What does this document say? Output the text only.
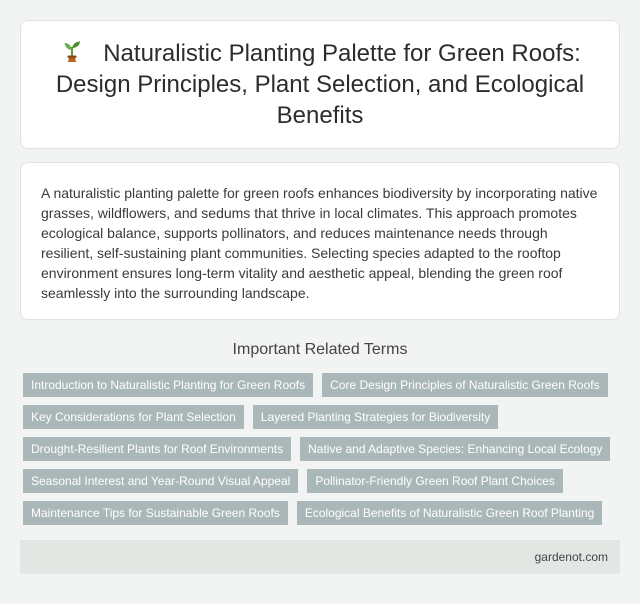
Naturalistic Planting Palette for Green Roofs: Design Principles, Plant Selection, and Ecological Benefits

A naturalistic planting palette for green roofs enhances biodiversity by incorporating native grasses, wildflowers, and sedums that thrive in local climates. This approach promotes ecological balance, supports pollinators, and reduces maintenance needs through resilient, self-sustaining plant communities. Selecting species adapted to the rooftop environment ensures long-term vitality and aesthetic appeal, blending the green roof seamlessly into the surrounding landscape.

Important Related Terms
Introduction to Naturalistic Planting for Green Roofs	Core Design Principles of Naturalistic Green Roofs
Key Considerations for Plant Selection	Layered Planting Strategies for Biodiversity
Drought-Resilient Plants for Roof Environments	Native and Adaptive Species: Enhancing Local Ecology
Seasonal Interest and Year-Round Visual Appeal	Pollinator-Friendly Green Roof Plant Choices
Maintenance Tips for Sustainable Green Roofs	Ecological Benefits of Naturalistic Green Roof Planting
gardenot.com
